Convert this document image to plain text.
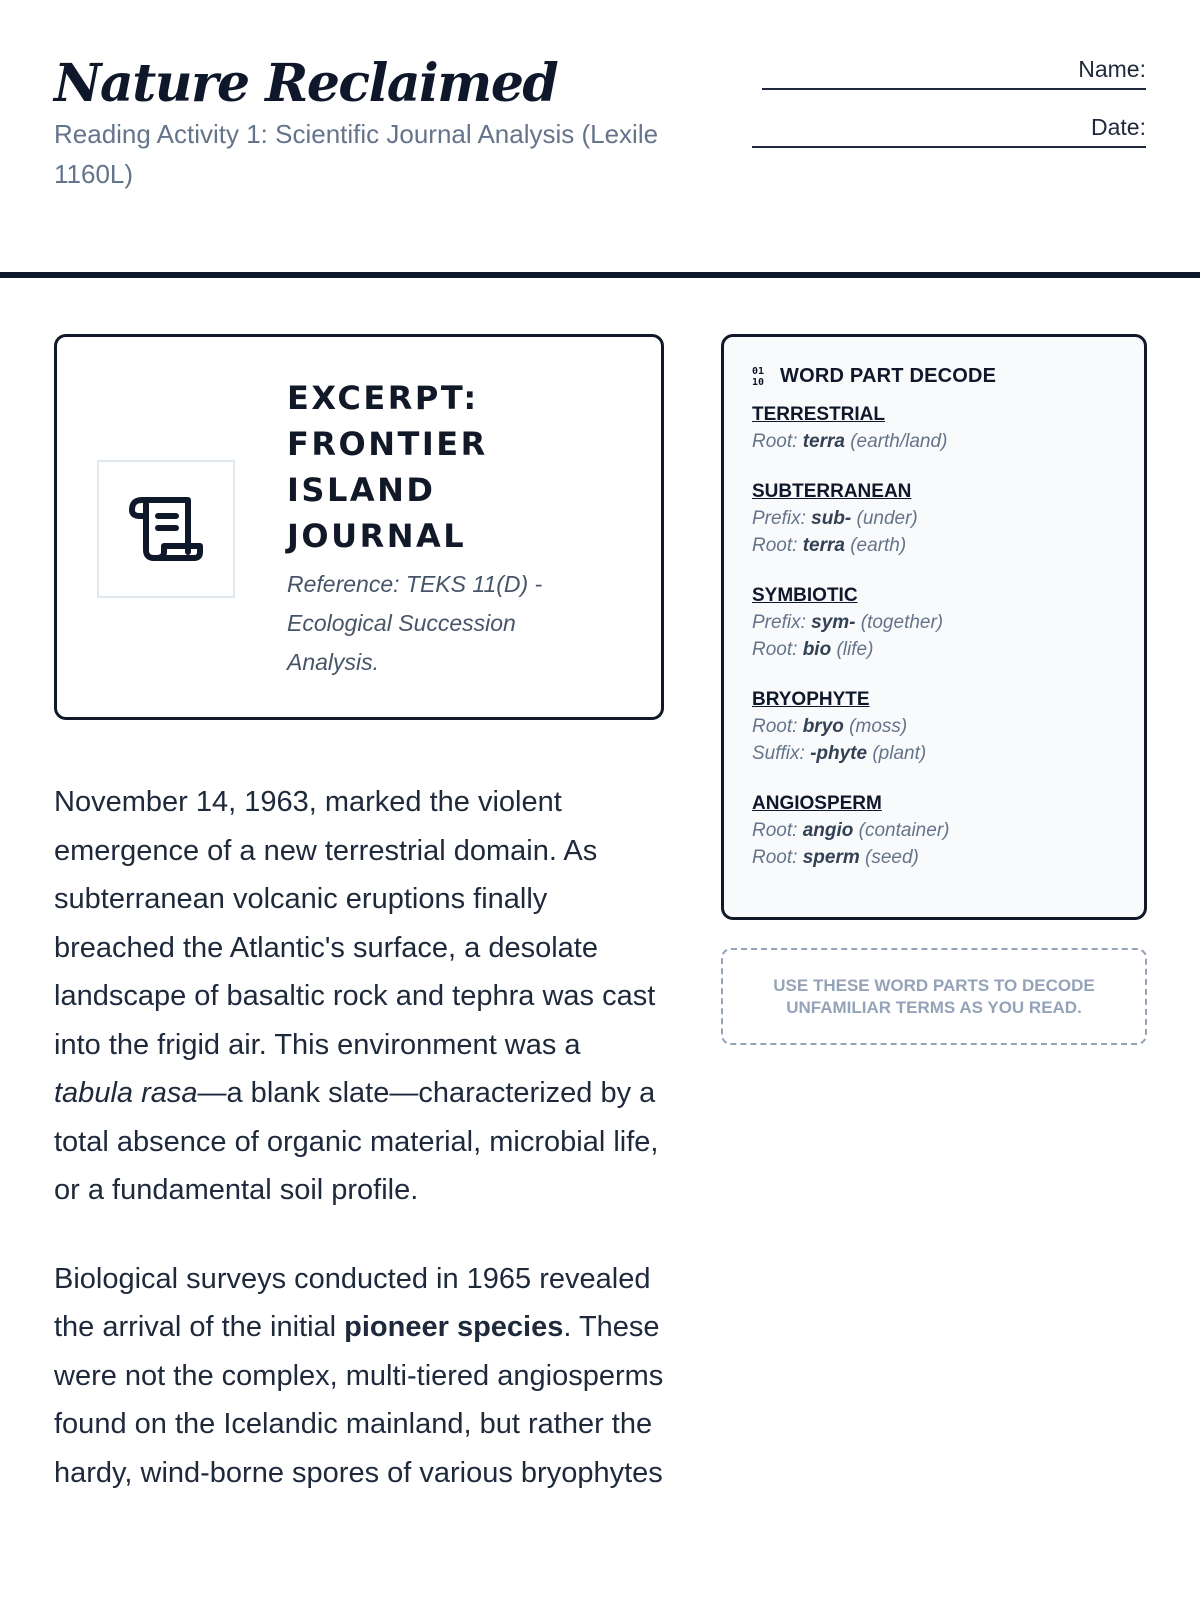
Nature Reclaimed

Reading Activity 1: Scientific Journal Analysis (Lexile 1160L)

Name:
Date:
EXCERPT: FRONTIER ISLAND JOURNAL

Reference: TEKS 11(D) - Ecological Succession Analysis.

November 14, 1963, marked the violent emergence of a new terrestrial domain. As subterranean volcanic eruptions finally breached the Atlantic's surface, a desolate landscape of basaltic rock and tephra was cast into the frigid air. This environment was a tabula rasa—a blank slate—characterized by a total absence of organic material, microbial life, or a fundamental soil profile.

Biological surveys conducted in 1965 revealed the arrival of the initial pioneer species. These were not the complex, multi-tiered angiosperms found on the Icelandic mainland, but rather the hardy, wind-borne spores of various bryophytes

01
10 WORD PART DECODE
TERRESTRIAL
Root: terra (earth/land)
SUBTERRANEAN
Prefix: sub- (under)
Root: terra (earth)
SYMBIOTIC
Prefix: sym- (together)
Root: bio (life)
BRYOPHYTE
Root: bryo (moss)
Suffix: -phyte (plant)
ANGIOSPERM
Root: angio (container)
Root: sperm (seed)
USE THESE WORD PARTS TO DECODE UNFAMILIAR TERMS AS YOU READ.
